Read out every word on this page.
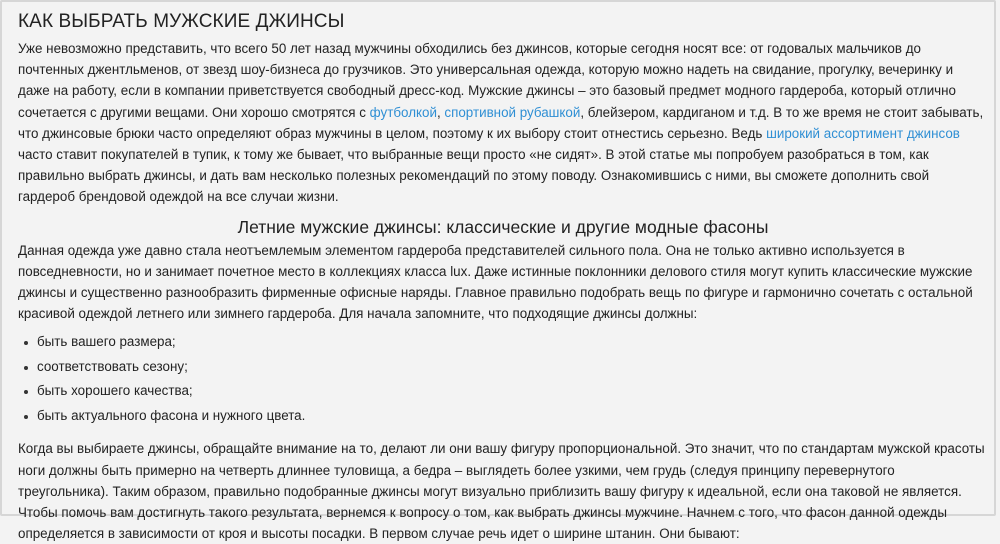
КАК ВЫБРАТЬ МУЖСКИЕ ДЖИНСЫ

Уже невозможно представить, что всего 50 лет назад мужчины обходились без джинсов, которые сегодня носят все: от годовалых мальчиков до почтенных джентльменов, от звезд шоу-бизнеса до грузчиков. Это универсальная одежда, которую можно надеть на свидание, прогулку, вечеринку и даже на работу, если в компании приветствуется свободный дресс-код. Мужские джинсы – это базовый предмет модного гардероба, который отлично сочетается с другими вещами. Они хорошо смотрятся с футболкой, спортивной рубашкой, блейзером, кардиганом и т.д. В то же время не стоит забывать, что джинсовые брюки часто определяют образ мужчины в целом, поэтому к их выбору стоит отнестись серьезно. Ведь широкий ассортимент джинсов часто ставит покупателей в тупик, к тому же бывает, что выбранные вещи просто «не сидят». В этой статье мы попробуем разобраться в том, как правильно выбрать джинсы, и дать вам несколько полезных рекомендаций по этому поводу. Ознакомившись с ними, вы сможете дополнить свой гардероб брендовой одеждой на все случаи жизни.

Летние мужские джинсы: классические и другие модные фасоны

Данная одежда уже давно стала неотъемлемым элементом гардероба представителей сильного пола. Она не только активно используется в повседневности, но и занимает почетное место в коллекциях класса lux. Даже истинные поклонники делового стиля могут купить классические мужские джинсы и существенно разнообразить фирменные офисные наряды. Главное правильно подобрать вещь по фигуре и гармонично сочетать с остальной красивой одеждой летнего или зимнего гардероба. Для начала запомните, что подходящие джинсы должны:

быть вашего размера;
соответствовать сезону;
быть хорошего качества;
быть актуального фасона и нужного цвета.

Когда вы выбираете джинсы, обращайте внимание на то, делают ли они вашу фигуру пропорциональной. Это значит, что по стандартам мужской красоты ноги должны быть примерно на четверть длиннее туловища, а бедра – выглядеть более узкими, чем грудь (следуя принципу перевернутого треугольника). Таким образом, правильно подобранные джинсы могут визуально приблизить вашу фигуру к идеальной, если она таковой не является. Чтобы помочь вам достигнуть такого результата, вернемся к вопросу о том, как выбрать джинсы мужчине. Начнем с того, что фасон данной одежды определяется в зависимости от кроя и высоты посадки. В первом случае речь идет о ширине штанин. Они бывают:
